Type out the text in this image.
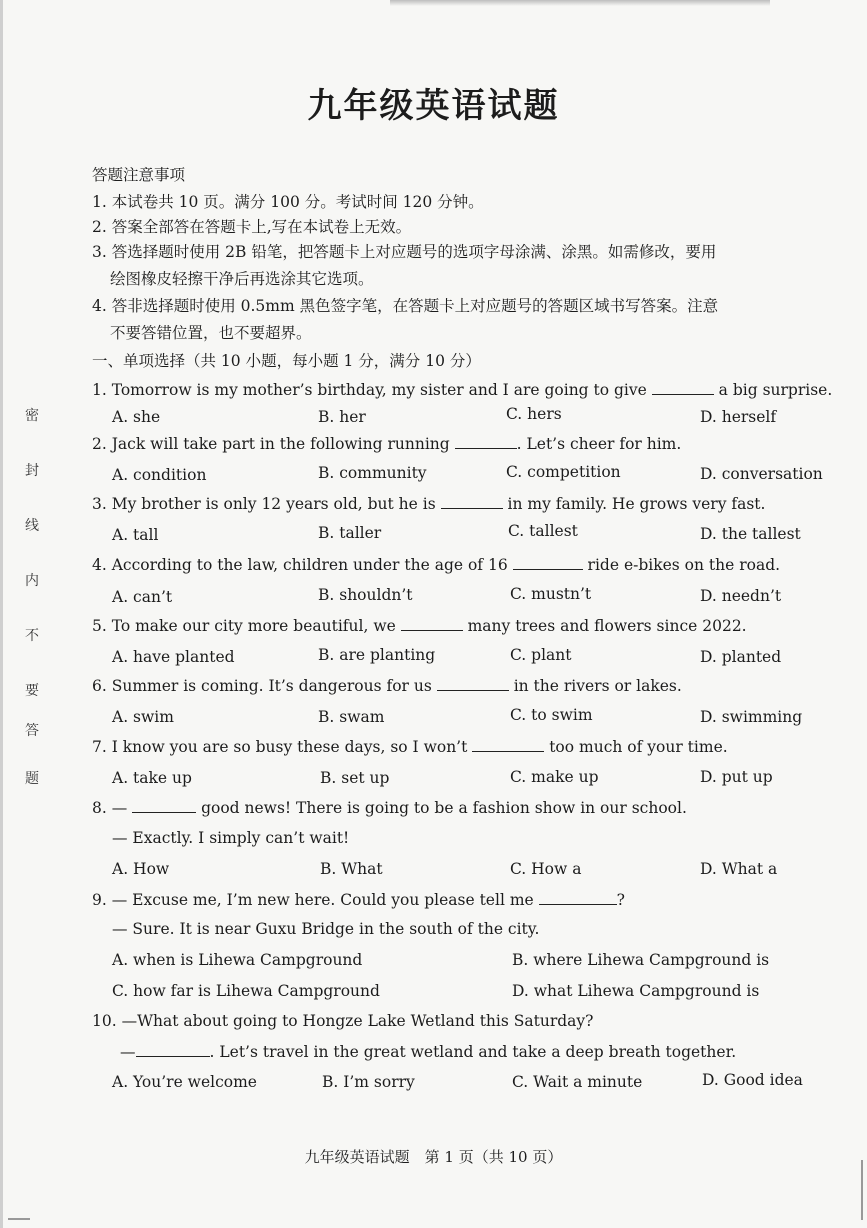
密
封
线
内
不
要
答
题
九年级英语试题
答题注意事项
1. 本试卷共 10 页。满分 100 分。考试时间 120 分钟。
2. 答案全部答在答题卡上,写在本试卷上无效。
3. 答选择题时使用 2B 铅笔，把答题卡上对应题号的选项字母涂满、涂黑。如需修改，要用
绘图橡皮轻擦干净后再选涂其它选项。
4. 答非选择题时使用 0.5mm 黑色签字笔，在答题卡上对应题号的答题区域书写答案。注意
不要答错位置，也不要超界。
一、单项选择（共 10 小题，每小题 1 分，满分 10 分）
1. Tomorrow is my mother’s birthday, my sister and I are going to give	a big surprise.
A. she	B. her	C. hers	D. herself
2. Jack will take part in the following running	. Let’s cheer for him.
A. condition	B. community	C. competition	D. conversation
3. My brother is only 12 years old, but he is	in my family. He grows very fast.
A. tall	B. taller	C. tallest	D. the tallest
4. According to the law, children under the age of 16	ride e-bikes on the road.
A. can’t	B. shouldn’t	C. mustn’t	D. needn’t
5. To make our city more beautiful, we	many trees and flowers since 2022.
A. have planted	B. are planting	C. plant	D. planted
6. Summer is coming. It’s dangerous for us	in the rivers or lakes.
A. swim	B. swam	C. to swim	D. swimming
7. I know you are so busy these days, so I won’t	too much of your time.
A. take up	B. set up	C. make up	D. put up
8. —	good news! There is going to be a fashion show in our school.
— Exactly. I simply can’t wait!
A. How	B. What	C. How a	D. What a
9. — Excuse me, I’m new here. Could you please tell me	?
— Sure. It is near Guxu Bridge in the south of the city.
A. when is Lihewa Campground	B. where Lihewa Campground is
C. how far is Lihewa Campground	D. what Lihewa Campground is
10. —What about going to Hongze Lake Wetland this Saturday?
—	. Let’s travel in the great wetland and take a deep breath together.
A. You’re welcome	B. I’m sorry	C. Wait a minute	D. Good idea
九年级英语试题　第 1 页（共 10 页）
